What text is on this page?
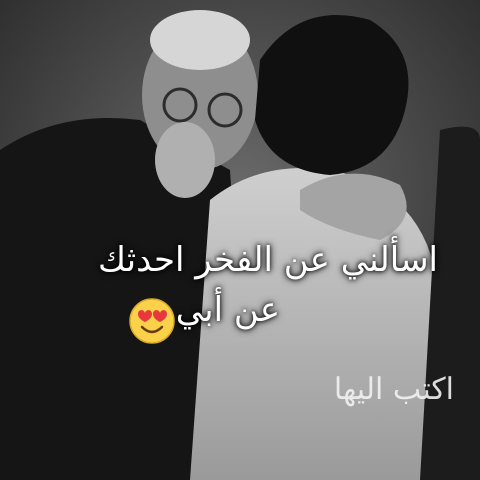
اسألني عن الفخر احدثك
عن أبي
اكتب اليها
